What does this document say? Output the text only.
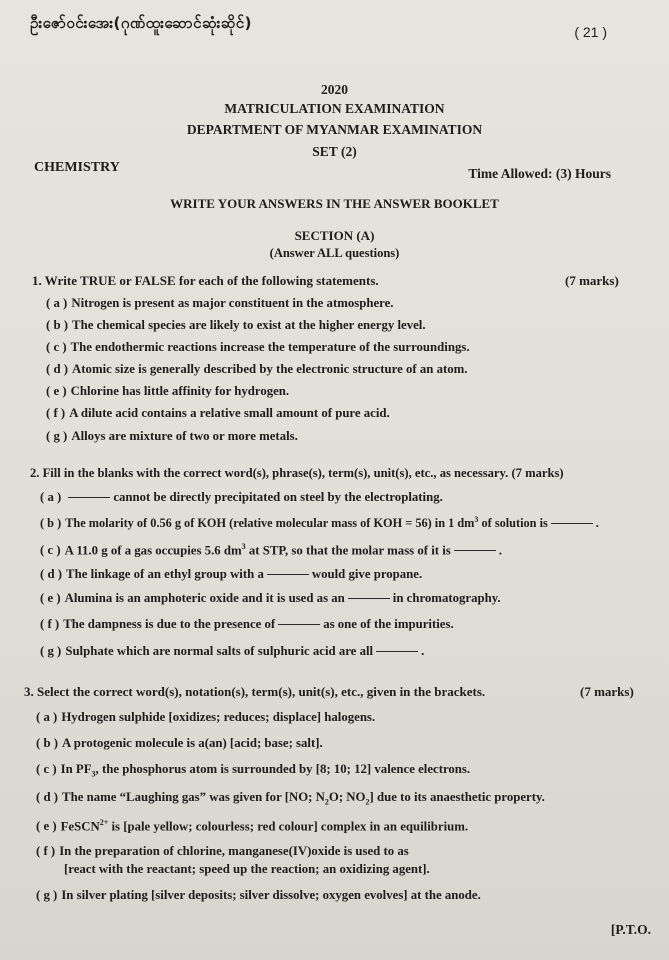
ဦးဇော်ဝင်းအေး(ဂုဏ်ထူးဆောင်ဆုံးဆိုင်)	( 21 )
2020
MATRICULATION EXAMINATION
DEPARTMENT OF MYANMAR EXAMINATION
SET (2)
CHEMISTRY	Time Allowed: (3) Hours
WRITE YOUR ANSWERS IN THE ANSWER BOOKLET
SECTION (A)
(Answer ALL questions)
1. Write TRUE or FALSE for each of the following statements.	(7 marks)
( a ) Nitrogen is present as major constituent in the atmosphere.
( b ) The chemical species are likely to exist at the higher energy level.
( c ) The endothermic reactions increase the temperature of the surroundings.
( d ) Atomic size is generally described by the electronic structure of an atom.
( e ) Chlorine has little affinity for hydrogen.
( f ) A dilute acid contains a relative small amount of pure acid.
( g ) Alloys are mixture of two or more metals.
2. Fill in the blanks with the correct word(s), phrase(s), term(s), unit(s), etc., as necessary. (7 marks)
( a )	cannot be directly precipitated on steel by the electroplating.
( b ) The molarity of 0.56 g of KOH (relative molecular mass of KOH = 56) in 1 $dm^3$ of solution is	.
( c ) A 11.0 g of a gas occupies 5.6 $dm^3$ at STP, so that the molar mass of it is	.
( d ) The linkage of an ethyl group with a	would give propane.
( e ) Alumina is an amphoteric oxide and it is used as an	in chromatography.
( f ) The dampness is due to the presence of	as one of the impurities.
( g ) Sulphate which are normal salts of sulphuric acid are all	.
3. Select the correct word(s), notation(s), term(s), unit(s), etc., given in the brackets.	(7 marks)
( a ) Hydrogen sulphide [oxidizes; reduces; displace] halogens.
( b ) A protogenic molecule is a(an) [acid; base; salt].
( c ) In $PF_3$, the phosphorus atom is surrounded by [8; 10; 12] valence electrons.
( d ) The name “Laughing gas” was given for [NO; $N_2O$; $NO_2$] due to its anaesthetic property.
( e ) FeSCN$^{2+}$ is [pale yellow; colourless; red colour] complex in an equilibrium.
( f ) In the preparation of chlorine, manganese(IV)oxide is used to as
[react with the reactant; speed up the reaction; an oxidizing agent].
( g ) In silver plating [silver deposits; silver dissolve; oxygen evolves] at the anode.
[P.T.O.
